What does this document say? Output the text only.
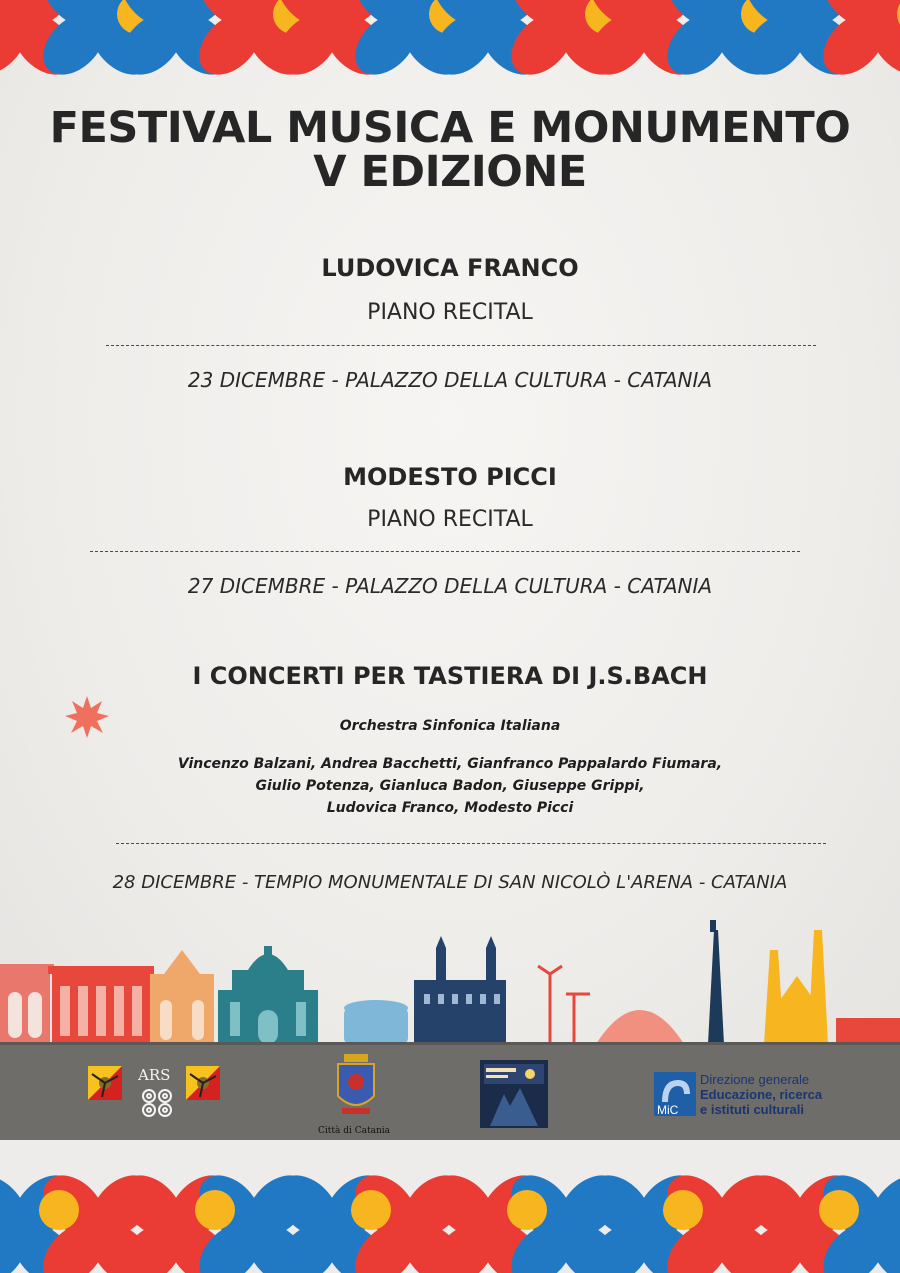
FESTIVAL MUSICA E MONUMENTO
V EDIZIONE
LUDOVICA FRANCO
PIANO RECITAL
23 DICEMBRE - PALAZZO DELLA CULTURA - CATANIA
MODESTO PICCI
PIANO RECITAL
27 DICEMBRE - PALAZZO DELLA CULTURA - CATANIA
I CONCERTI PER TASTIERA DI J.S.BACH
Orchestra Sinfonica Italiana
Vincenzo Balzani, Andrea Bacchetti, Gianfranco Pappalardo Fiumara,
Giulio Potenza, Gianluca Badon, Giuseppe Grippi,
Ludovica Franco, Modesto Picci
28 DICEMBRE - TEMPIO MONUMENTALE DI SAN NICOLÒ L'ARENA - CATANIA
ARS
Città di Catania
MiC
Direzione generale
Educazione, ricerca
e istituti culturali
